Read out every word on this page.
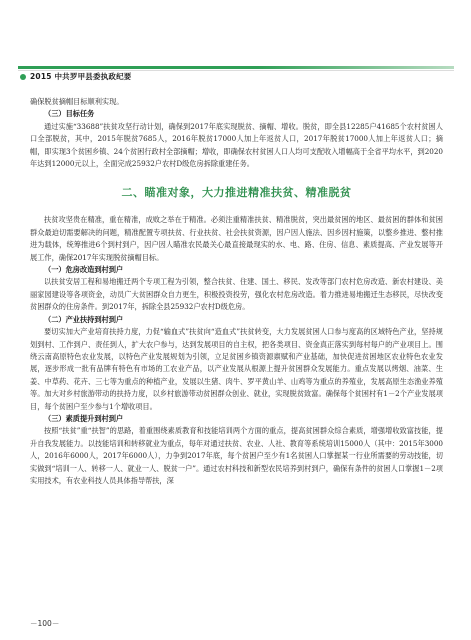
2015 中共罗甲县委执政纪要

确保脱贫摘帽目标顺利实现。

（三）目标任务

通过实施“33688”扶贫攻坚行动计划，确保到2017年底实现脱贫、摘帽、增收。脱贫，即全县12285户41685个农村贫困人口全部脱贫，其中，2015年脱贫7685人，2016年脱贫17000人加上年返贫人口，2017年脱贫17000人加上年返贫人口；摘帽，即实现3个贫困乡镇、24个贫困行政村全部摘帽；增收，即确保农村贫困人口人均可支配收入增幅高于全省平均水平，到2020年达到12000元以上，全面完成25932户农村D级危房拆除重建任务。

二、瞄准对象，大力推进精准扶贫、精准脱贫

扶贫攻坚贵在精准，重在精准，成败之举在于精准。必须注重精准扶贫、精准脱贫，突出最贫困的地区、最贫困的群体和贫困群众最迫切需要解决的问题，精准配置专项扶贫、行业扶贫、社会扶贫资源，因户因人施法、因乡因村施策，以整乡推进、整村推进为载体，统筹推进6个到村到户，因户因人瞄准农民最关心最直接最现实的水、电、路、住房、信息、素质提高、产业发展等开展工作，确保2017年实现脱贫摘帽目标。

（一）危房改造到村到户

以扶贫安居工程和易地搬迁两个专项工程为引领，整合扶贫、住建、国土、移民、发改等部门农村危房改造、新农村建设、美丽家园建设等各项资金，动员广大贫困群众自力更生，积极投资投劳，强化农村危房改造。着力推进易地搬迁生态移民，尽快改变贫困群众的住房条件。到2017年，拆除全县25932户农村D级危房。

（二）产业扶持到村到户

要切实加大产业培育扶持力度，力促“输血式”扶贫向“造血式”扶贫转变，大力发展贫困人口参与度高的区域特色产业，坚持规划到村、工作到户、责任到人，扩大农户参与，达到发展项目的自主权，把各类项目、资金真正落实到每村每户的产业项目上。围绕云南高原特色农业发展，以特色产业发展规划为引领，立足贫困乡镇资源禀赋和产业基础，加快促进贫困地区农业特色农业发展，逐步形成一批有品牌有特色有市场的工农业产品，以产业发展从根源上提升贫困群众发展能力。重点发展以烤烟、油菜、生姜、中草药、花卉、三七等为重点的种植产业，发展以生猪、肉牛、罗平黄山羊、山鸡等为重点的养殖业，发展高原生态渔业养殖等。加大对乡村旅游带动的扶持力度，以乡村旅游带动贫困群众创业、就业，实现脱贫致富。确保每个贫困村有1－2个产业发展项目，每个贫困户至少参与1个增收项目。

（三）素质提升到村到户

按照“扶贫”重“扶智”的思路，着重围绕素质教育和技能培训两个方面的重点，提高贫困群众综合素质，增强增收致富技能，提升自我发展能力。以技能培训和转移就业为重点，每年对通过扶贫、农业、人社、教育等系统培训15000人（其中：2015年3000人，2016年6000人，2017年6000人），力争到2017年底，每个贫困户至少有1名贫困人口掌握某一行业所需要的劳动技能，切实做到“培训一人、转移一人、就业一人、脱贫一户”。通过农村科技和新型农民培养到村到户，确保有条件的贫困人口掌握1－2项实用技术，有农业科技人员具体指导帮扶，深

－100－
